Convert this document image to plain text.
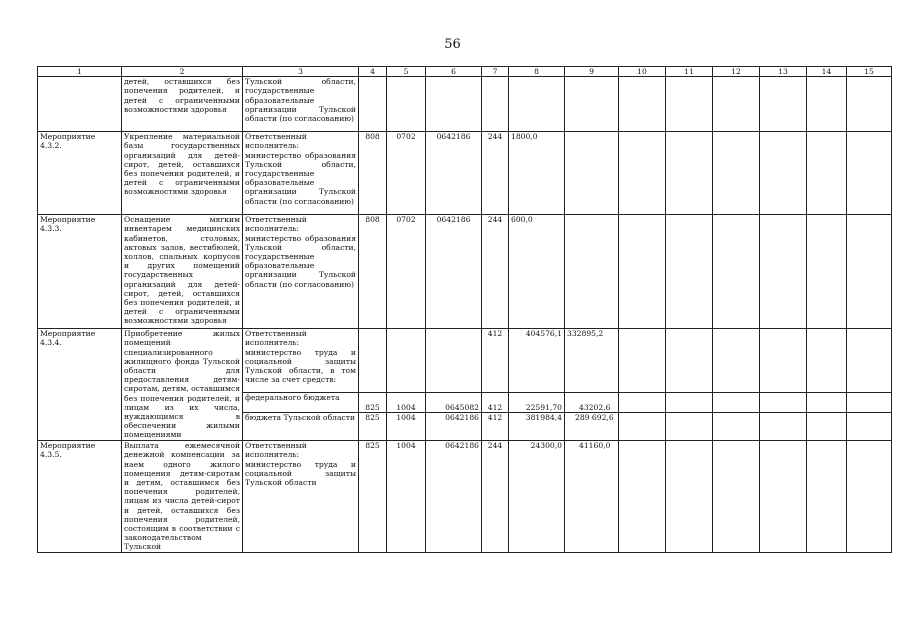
56
1	2	3	4	5	6	7	8	9	10	11	12	13	14	15
	детей, оставшихся без попечения родителей, и детей с ограниченными возможностями здоровья	Тульской области, государственные образовательные организации Тульской области (по согласованию)												
Мероприятие 4.3.2.	Укрепление материальной базы государственных организаций для детей-сирот, детей, оставшихся без попечения родителей, и детей с ограниченными возможностями здоровья	Ответственный исполнитель: министерство образования Тульской области, государственные образовательные организации Тульской области (по согласованию)	808	0702	0642186	244	1800,0							
Мероприятие 4.3.3.	Оснащение мягким инвентарем медицинских кабинетов, столовых, актовых залов, вестибюлей, холлов, спальных корпусов и других помещений государственных организаций для детей-сирот, детей, оставшихся без попечения родителей, и детей с ограниченными возможностями здоровья	Ответственный исполнитель: министерство образования Тульской области, государственные образовательные организации Тульской области (по согласованию)	808	0702	0642186	244	600,0							
Мероприятие 4.3.4.	Приобретение жилых помещений специализированного жилищного фонда Тульской области для предоставления детям-сиротам, детям, оставшимся без попечения родителей, и лицам из их числа, нуждающимся в обеспечении жилыми помещениями	Ответственный исполнитель: министерство труда и социальной защиты Тульской области, в том числе за счет средств:				412	404576,1	332895,2						
		федерального бюджета	825	1004	0645082	412	22591,70	43202,6						
		бюджета Тульской области	825	1004	0642186	412	381984,4	289 692,6						
Мероприятие 4.3.5.	Выплата ежемесячной денежной компенсации за наем одного жилого помещения детям-сиротам и детям, оставшимся без попечения родителей, лицам из числа детей-сирот и детей, оставшихся без попечения родителей, состоящим в соответствии с законодательством Тульской	Ответственный исполнитель: министерство труда и социальной защиты Тульской области	825	1004	0642186	244	24300,0	41160,0						
